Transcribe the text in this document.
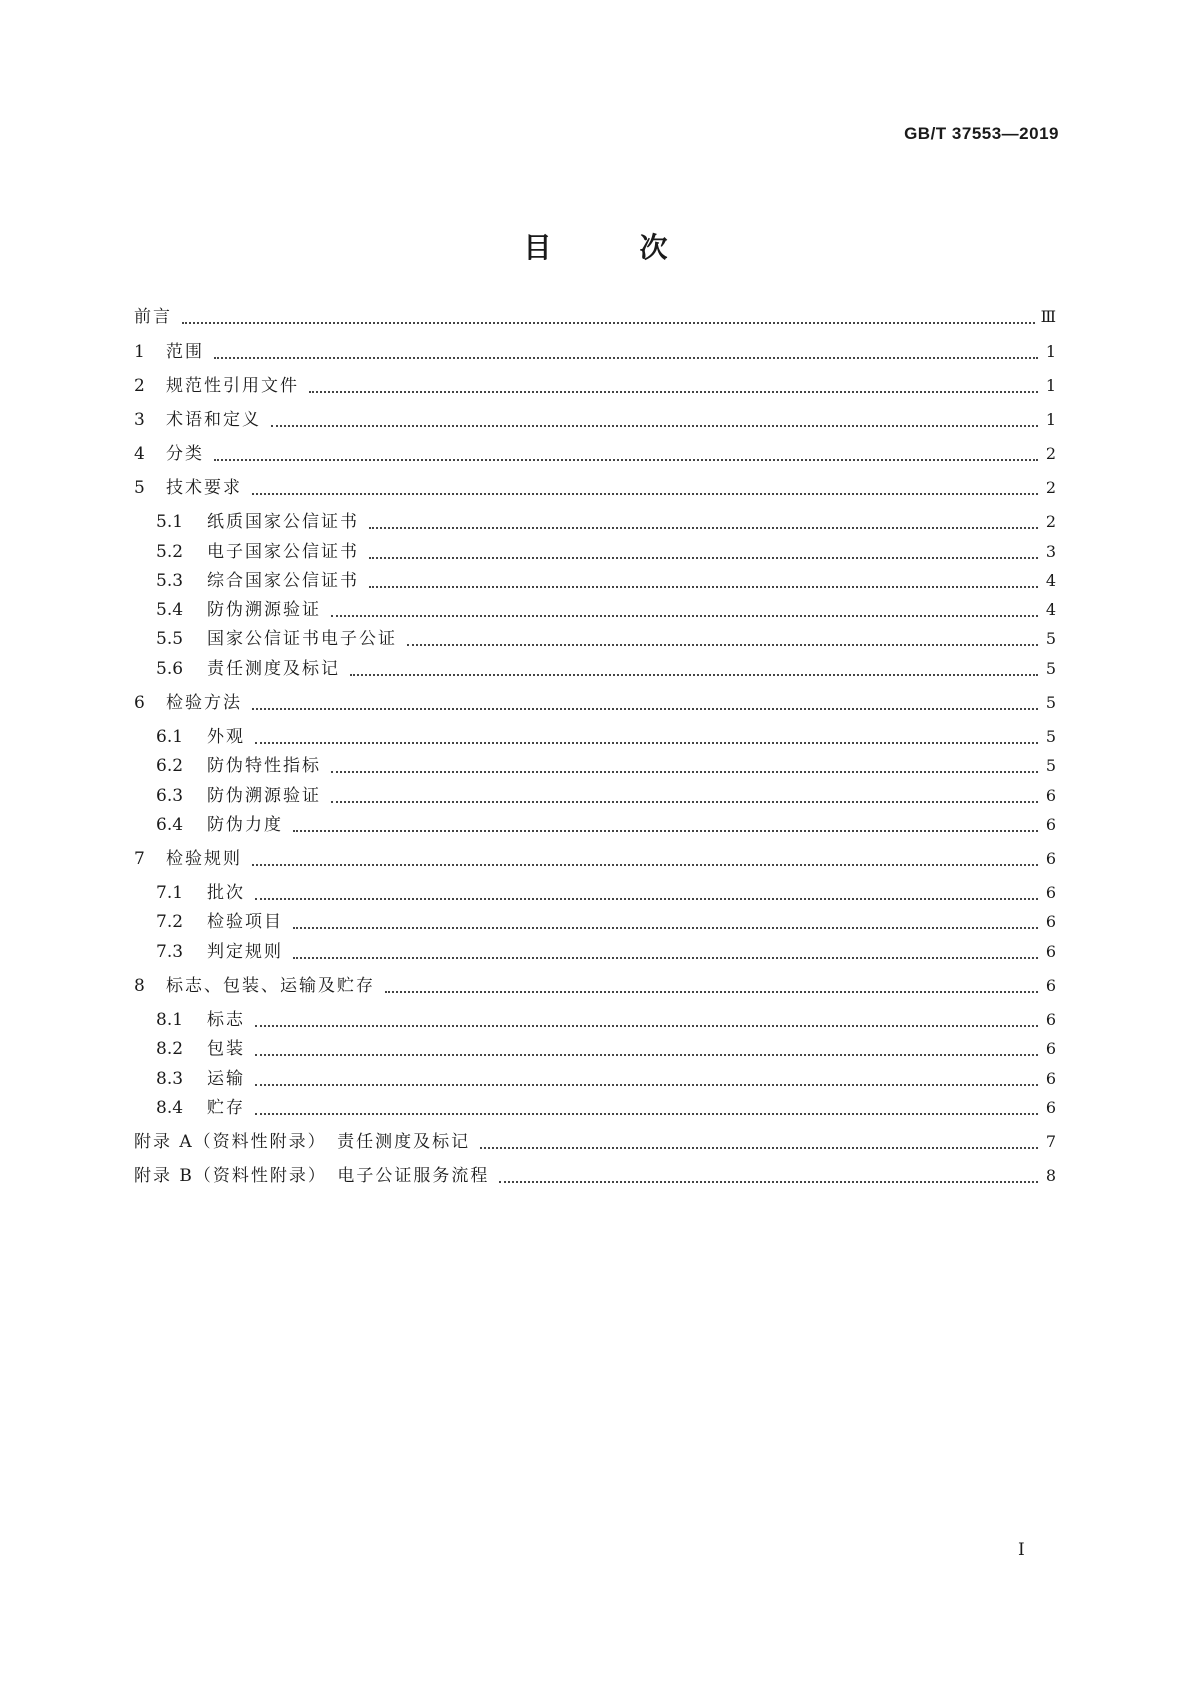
GB/T 37553—2019
目	次
前言	Ⅲ
1	范围	1
2	规范性引用文件	1
3	术语和定义	1
4	分类	2
5	技术要求	2
5.1	纸质国家公信证书	2
5.2	电子国家公信证书	3
5.3	综合国家公信证书	4
5.4	防伪溯源验证	4
5.5	国家公信证书电子公证	5
5.6	责任测度及标记	5
6	检验方法	5
6.1	外观	5
6.2	防伪特性指标	5
6.3	防伪溯源验证	6
6.4	防伪力度	6
7	检验规则	6
7.1	批次	6
7.2	检验项目	6
7.3	判定规则	6
8	标志、包装、运输及贮存	6
8.1	标志	6
8.2	包装	6
8.3	运输	6
8.4	贮存	6
附录 A（资料性附录）　责任测度及标记	7
附录 B（资料性附录）　电子公证服务流程	8
I
